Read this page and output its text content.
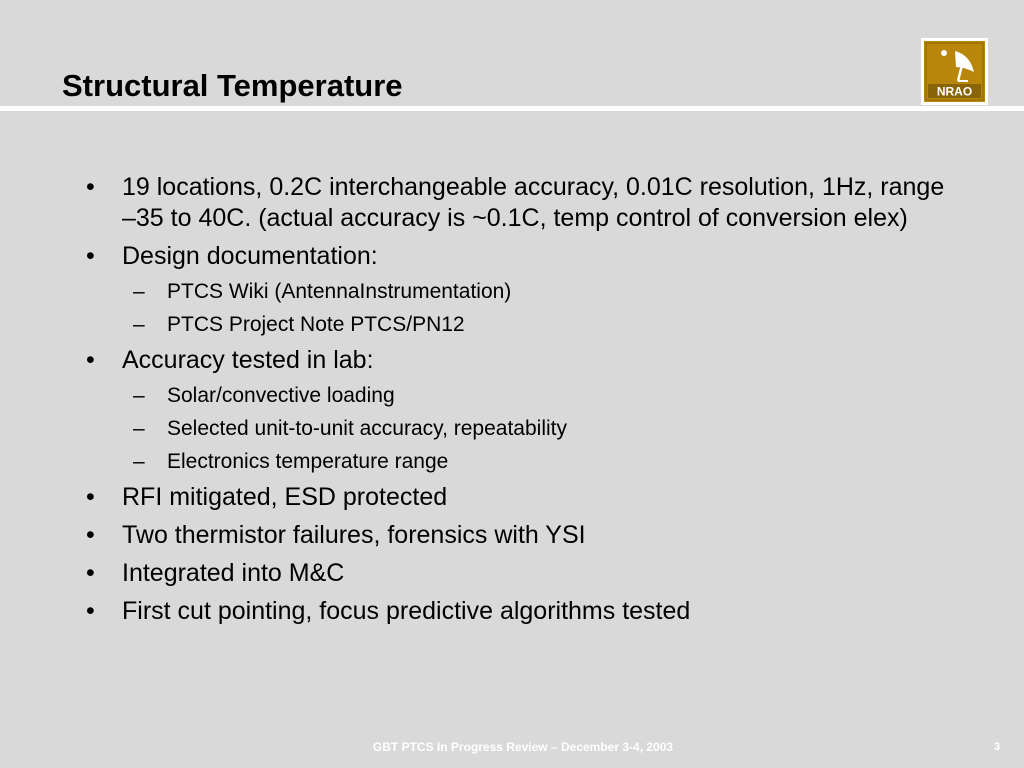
Structural Temperature	NRAO
• 19 locations, 0.2C interchangeable accuracy, 0.01C resolution, 1Hz, range –35 to 40C. (actual accuracy is ~0.1C, temp control of conversion elex)
• Design documentation:
– PTCS Wiki (AntennaInstrumentation)
– PTCS Project Note PTCS/PN12
• Accuracy tested in lab:
– Solar/convective loading
– Selected unit-to-unit accuracy, repeatability
– Electronics temperature range
• RFI mitigated, ESD protected
• Two thermistor failures, forensics with YSI
• Integrated into M&C
• First cut pointing, focus predictive algorithms tested
GBT PTCS In Progress Review – December 3-4, 2003	3
